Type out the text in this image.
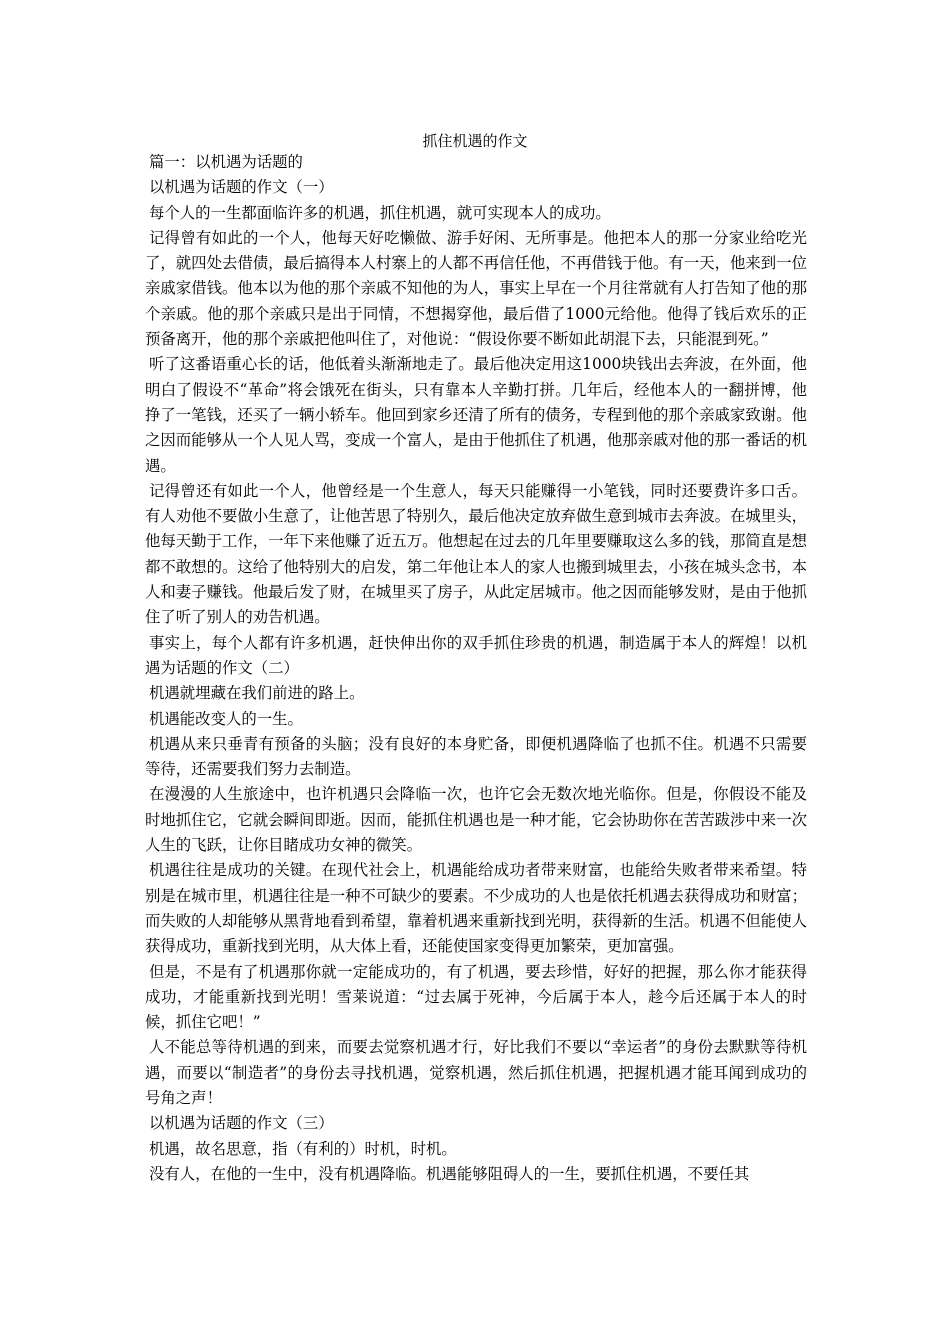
抓住机遇的作文

篇一：以机遇为话题的

以机遇为话题的作文（一）

每个人的一生都面临许多的机遇，抓住机遇，就可实现本人的成功。

记得曾有如此的一个人，他每天好吃懒做、游手好闲、无所事是。他把本人的那一分家业给吃光了，就四处去借债，最后搞得本人村寨上的人都不再信任他，不再借钱于他。有一天，他来到一位亲戚家借钱。他本以为他的那个亲戚不知他的为人，事实上早在一个月往常就有人打告知了他的那个亲戚。他的那个亲戚只是出于同情，不想揭穿他，最后借了1000元给他。他得了钱后欢乐的正预备离开，他的那个亲戚把他叫住了，对他说：“假设你要不断如此胡混下去，只能混到死。”

听了这番语重心长的话，他低着头渐渐地走了。最后他决定用这1000块钱出去奔波，在外面，他明白了假设不“革命”将会饿死在街头，只有靠本人辛勤打拼。几年后，经他本人的一翻拼博，他挣了一笔钱，还买了一辆小轿车。他回到家乡还清了所有的债务，专程到他的那个亲戚家致谢。他之因而能够从一个人见人骂，变成一个富人，是由于他抓住了机遇，他那亲戚对他的那一番话的机遇。

记得曾还有如此一个人，他曾经是一个生意人，每天只能赚得一小笔钱，同时还要费许多口舌。有人劝他不要做小生意了，让他苦思了特别久，最后他决定放弃做生意到城市去奔波。在城里头，他每天勤于工作，一年下来他赚了近五万。他想起在过去的几年里要赚取这么多的钱，那简直是想都不敢想的。这给了他特别大的启发，第二年他让本人的家人也搬到城里去，小孩在城头念书，本人和妻子赚钱。他最后发了财，在城里买了房子，从此定居城市。他之因而能够发财，是由于他抓住了听了别人的劝告机遇。

事实上，每个人都有许多机遇，赶快伸出你的双手抓住珍贵的机遇，制造属于本人的辉煌！以机遇为话题的作文（二）

机遇就埋藏在我们前进的路上。

机遇能改变人的一生。

机遇从来只垂青有预备的头脑；没有良好的本身贮备，即便机遇降临了也抓不住。机遇不只需要等待，还需要我们努力去制造。

在漫漫的人生旅途中，也许机遇只会降临一次，也许它会无数次地光临你。但是，你假设不能及时地抓住它，它就会瞬间即逝。因而，能抓住机遇也是一种才能，它会协助你在苦苦跋涉中来一次人生的飞跃，让你目睹成功女神的微笑。

机遇往往是成功的关键。在现代社会上，机遇能给成功者带来财富，也能给失败者带来希望。特别是在城市里，机遇往往是一种不可缺少的要素。不少成功的人也是依托机遇去获得成功和财富；而失败的人却能够从黑背地看到希望，靠着机遇来重新找到光明，获得新的生活。机遇不但能使人获得成功，重新找到光明，从大体上看，还能使国家变得更加繁荣，更加富强。

但是，不是有了机遇那你就一定能成功的，有了机遇，要去珍惜，好好的把握，那么你才能获得成功，才能重新找到光明！雪莱说道：“过去属于死神，今后属于本人，趁今后还属于本人的时候，抓住它吧！”

人不能总等待机遇的到来，而要去觉察机遇才行，好比我们不要以“幸运者”的身份去默默等待机遇，而要以“制造者”的身份去寻找机遇，觉察机遇，然后抓住机遇，把握机遇才能耳闻到成功的号角之声！

以机遇为话题的作文（三）

机遇，故名思意，指（有利的）时机，时机。

没有人，在他的一生中，没有机遇降临。机遇能够阻碍人的一生，要抓住机遇，不要任其
